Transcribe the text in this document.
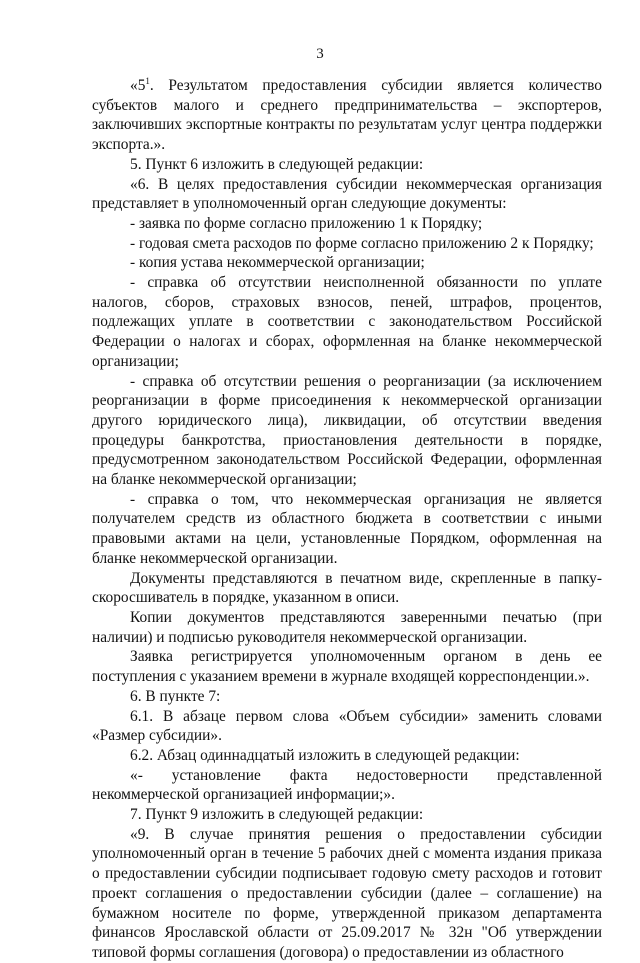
3

«$5^1$. Результатом предоставления субсидии является количество субъектов малого и среднего предпринимательства – экспортеров, заключивших экспортные контракты по результатам услуг центра поддержки экспорта.».

5. Пункт 6 изложить в следующей редакции:

«6. В целях предоставления субсидии некоммерческая организация представляет в уполномоченный орган следующие документы:

- заявка по форме согласно приложению 1 к Порядку;

- годовая смета расходов по форме согласно приложению 2 к Порядку;

- копия устава некоммерческой организации;

- справка об отсутствии неисполненной обязанности по уплате налогов, сборов, страховых взносов, пеней, штрафов, процентов, подлежащих уплате в соответствии с законодательством Российской Федерации о налогах и сборах, оформленная на бланке некоммерческой организации;

- справка об отсутствии решения о реорганизации (за исключением реорганизации в форме присоединения к некоммерческой организации другого юридического лица), ликвидации, об отсутствии введения процедуры банкротства, приостановления деятельности в порядке, предусмотренном законодательством Российской Федерации, оформленная на бланке некоммерческой организации;

- справка о том, что некоммерческая организация не является получателем средств из областного бюджета в соответствии с иными правовыми актами на цели, установленные Порядком, оформленная на бланке некоммерческой организации.

Документы представляются в печатном виде, скрепленные в папку-скоросшиватель в порядке, указанном в описи.

Копии документов представляются заверенными печатью (при наличии) и подписью руководителя некоммерческой организации.

Заявка регистрируется уполномоченным органом в день ее поступления с указанием времени в журнале входящей корреспонденции.».

6. В пункте 7:

6.1. В абзаце первом слова «Объем субсидии» заменить словами «Размер субсидии».

6.2. Абзац одиннадцатый изложить в следующей редакции:

«- установление факта недостоверности представленной некоммерческой организацией информации;».

7. Пункт 9 изложить в следующей редакции:

«9. В случае принятия решения о предоставлении субсидии уполномоченный орган в течение 5 рабочих дней с момента издания приказа о предоставлении субсидии подписывает годовую смету расходов и готовит проект соглашения о предоставлении субсидии (далее – соглашение) на бумажном носителе по форме, утвержденной приказом департамента финансов Ярославской области от 25.09.2017 № 32н "Об утверждении типовой формы соглашения (договора) о предоставлении из областного
